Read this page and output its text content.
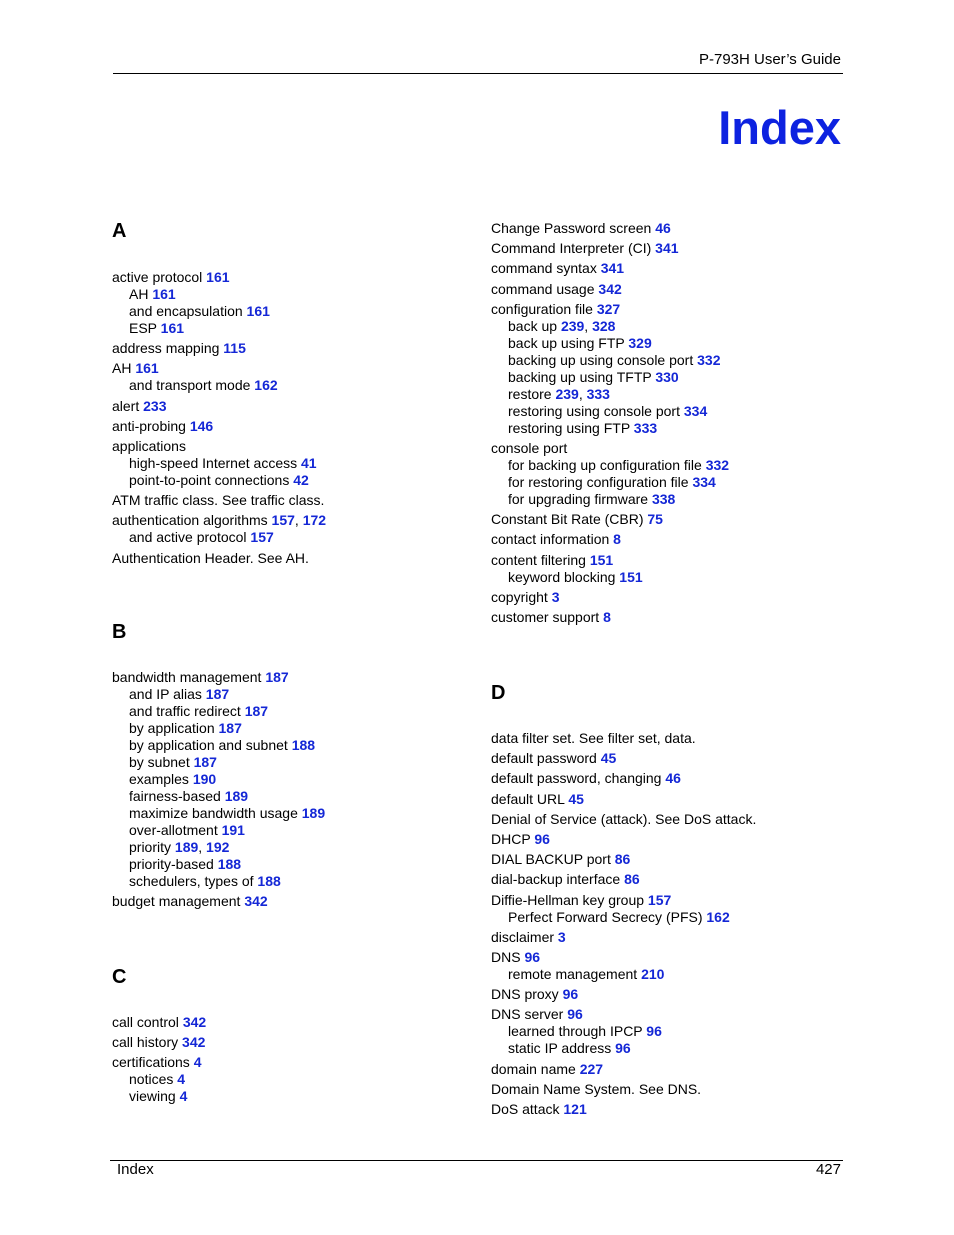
P-793H User’s Guide
Index
A
active protocol 161
AH 161
and encapsulation 161
ESP 161
address mapping 115
AH 161
and transport mode 162
alert 233
anti-probing 146
applications
high-speed Internet access 41
point-to-point connections 42
ATM traffic class. See traffic class.
authentication algorithms 157, 172
and active protocol 157
Authentication Header. See AH.
B
bandwidth management 187
and IP alias 187
and traffic redirect 187
by application 187
by application and subnet 188
by subnet 187
examples 190
fairness-based 189
maximize bandwidth usage 189
over-allotment 191
priority 189, 192
priority-based 188
schedulers, types of 188
budget management 342
C
call control 342
call history 342
certifications 4
notices 4
viewing 4
Change Password screen 46
Command Interpreter (CI) 341
command syntax 341
command usage 342
configuration file 327
back up 239, 328
back up using FTP 329
backing up using console port 332
backing up using TFTP 330
restore 239, 333
restoring using console port 334
restoring using FTP 333
console port
for backing up configuration file 332
for restoring configuration file 334
for upgrading firmware 338
Constant Bit Rate (CBR) 75
contact information 8
content filtering 151
keyword blocking 151
copyright 3
customer support 8
D
data filter set. See filter set, data.
default password 45
default password, changing 46
default URL 45
Denial of Service (attack). See DoS attack.
DHCP 96
DIAL BACKUP port 86
dial-backup interface 86
Diffie-Hellman key group 157
Perfect Forward Secrecy (PFS) 162
disclaimer 3
DNS 96
remote management 210
DNS proxy 96
DNS server 96
learned through IPCP 96
static IP address 96
domain name 227
Domain Name System. See DNS.
DoS attack 121
Index	427
